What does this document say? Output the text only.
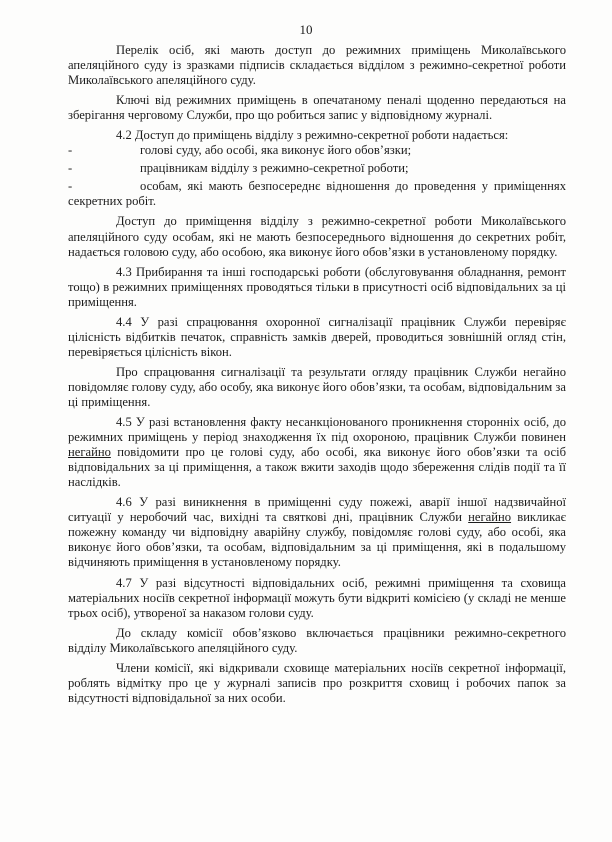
10

Перелік осіб, які мають доступ до режимних приміщень Миколаївського апеляційного суду із зразками підписів складається відділом з режимно-секретної роботи Миколаївського апеляційного суду.

Ключі від режимних приміщень в опечатаному пеналі щоденно передаються на зберігання черговому Служби, про що робиться запис у відповідному журналі.

4.2 Доступ до приміщень відділу з режимно-секретної роботи надається:

-	голові суду, або особі, яка виконує його обов’язки;
-	працівникам відділу з режимно-секретної роботи;
-	особам, які мають безпосереднє відношення до проведення у приміщеннях секретних робіт.

Доступ до приміщення відділу з режимно-секретної роботи Миколаївського апеляційного суду особам, які не мають безпосереднього відношення до секретних робіт, надається головою суду, або особою, яка виконує його обов’язки в установленому порядку.

4.3 Прибирання та інші господарські роботи (обслуговування обладнання, ремонт тощо) в режимних приміщеннях проводяться тільки в присутності осіб відповідальних за ці приміщення.

4.4 У разі спрацювання охоронної сигналізації працівник Служби перевіряє цілісність відбитків печаток, справність замків дверей, проводиться зовнішній огляд стін, перевіряється цілісність вікон.

Про спрацювання сигналізації та результати огляду працівник Служби негайно повідомляє голову суду, або особу, яка виконує його обов’язки, та особам, відповідальним за ці приміщення.

4.5 У разі встановлення факту несанкціонованого проникнення сторонніх осіб, до режимних приміщень у період знаходження їх під охороною, працівник Служби повинен негайно повідомити про це голові суду, або особі, яка виконує його обов’язки та осіб відповідальних за ці приміщення, а також вжити заходів щодо збереження слідів події та її наслідків.

4.6 У разі виникнення в приміщенні суду пожежі, аварії іншої надзвичайної ситуації у неробочий час, вихідні та святкові дні, працівник Служби негайно викликає пожежну команду чи відповідну аварійну службу, повідомляє голові суду, або особі, яка виконує його обов’язки, та особам, відповідальним за ці приміщення, які в подальшому відчиняють приміщення в установленому порядку.

4.7 У разі відсутності відповідальних осіб, режимні приміщення та сховища матеріальних носіїв секретної інформації можуть бути відкриті комісією (у складі не менше трьох осіб), утвореної за наказом голови суду.

До складу комісії обов’язково включається працівники режимно-секретного відділу Миколаївського апеляційного суду.

Члени комісії, які відкривали сховище матеріальних носіїв секретної інформації, роблять відмітку про це у журналі записів про розкриття сховищ і робочих папок за відсутності відповідальної за них особи.
